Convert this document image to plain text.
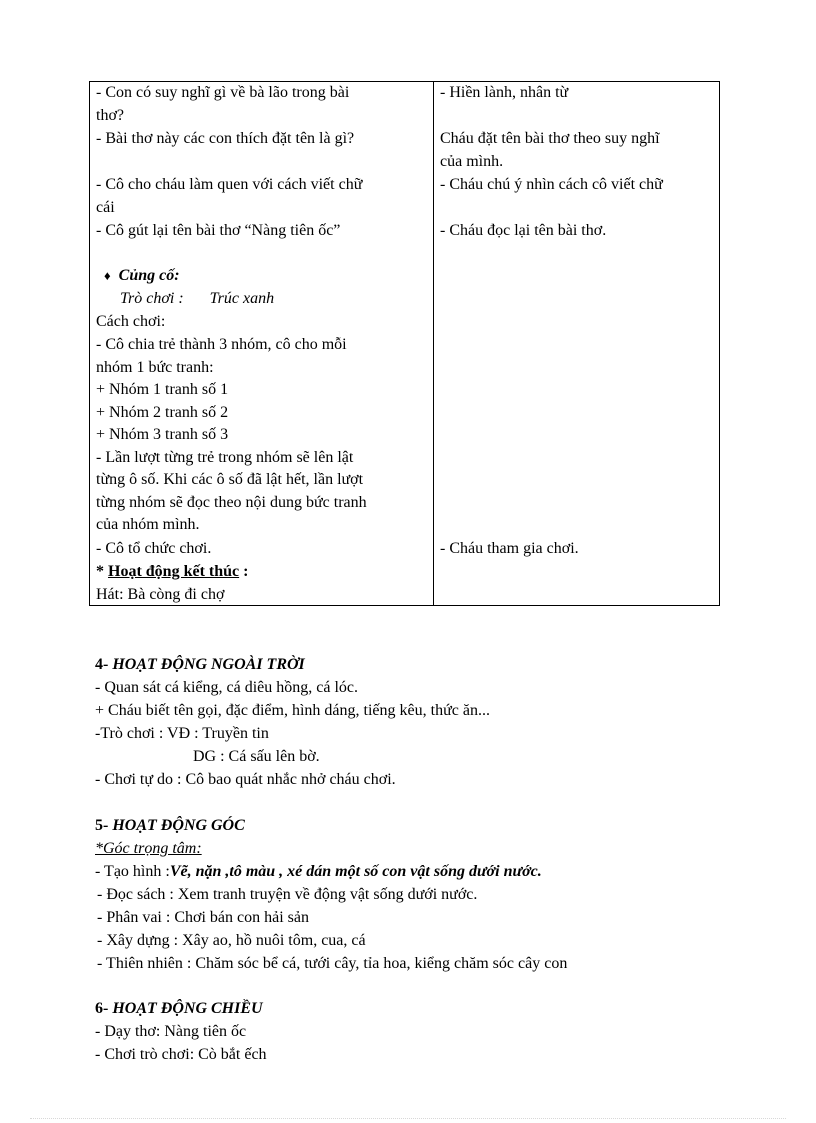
- Con có suy nghĩ gì về bà lão trong bài
thơ?
- Bài thơ này các con thích đặt tên là gì?
- Cô cho cháu làm quen với cách viết chữ
cái
- Cô gút lại tên bài thơ “Nàng tiên ốc”
♦ Củng cố:
Trò chơi : Trúc xanh
Cách chơi:
- Cô chia trẻ thành 3 nhóm, cô cho mỗi
nhóm 1 bức tranh:
+ Nhóm 1 tranh số 1
+ Nhóm 2 tranh số 2
+ Nhóm 3 tranh số 3
- Lần lượt từng trẻ trong nhóm sẽ lên lật
từng ô số. Khi các ô số đã lật hết, lần lượt
từng nhóm sẽ đọc theo nội dung bức tranh
của nhóm mình.
- Cô tổ chức chơi.
* Hoạt động kết thúc :
Hát: Bà còng đi chợ
- Hiền lành, nhân từ
Cháu đặt tên bài thơ theo suy nghĩ
của mình.
- Cháu chú ý nhìn cách cô viết chữ
- Cháu đọc lại tên bài thơ.
- Cháu tham gia chơi.
4- HOẠT ĐỘNG NGOÀI TRỜI
- Quan sát cá kiểng, cá diêu hồng, cá lóc.
+ Cháu biết tên gọi, đặc điểm, hình dáng, tiếng kêu, thức ăn...
-Trò chơi : VĐ : Truyền tin
DG : Cá sấu lên bờ.
- Chơi tự do : Cô bao quát nhắc nhở cháu chơi.
5- HOẠT ĐỘNG GÓC
*Góc trọng tâm:
- Tạo hình :Vẽ, nặn ,tô màu , xé dán một số con vật sống dưới nước.
- Đọc sách : Xem tranh truyện về động vật sống dưới nước.
- Phân vai : Chơi bán con hải sản
- Xây dựng : Xây ao, hồ nuôi tôm, cua, cá
- Thiên nhiên : Chăm sóc bể cá, tưới cây, tỉa hoa, kiểng chăm sóc cây con
6- HOẠT ĐỘNG CHIỀU
- Dạy thơ: Nàng tiên ốc
- Chơi trò chơi: Cò bắt ếch
